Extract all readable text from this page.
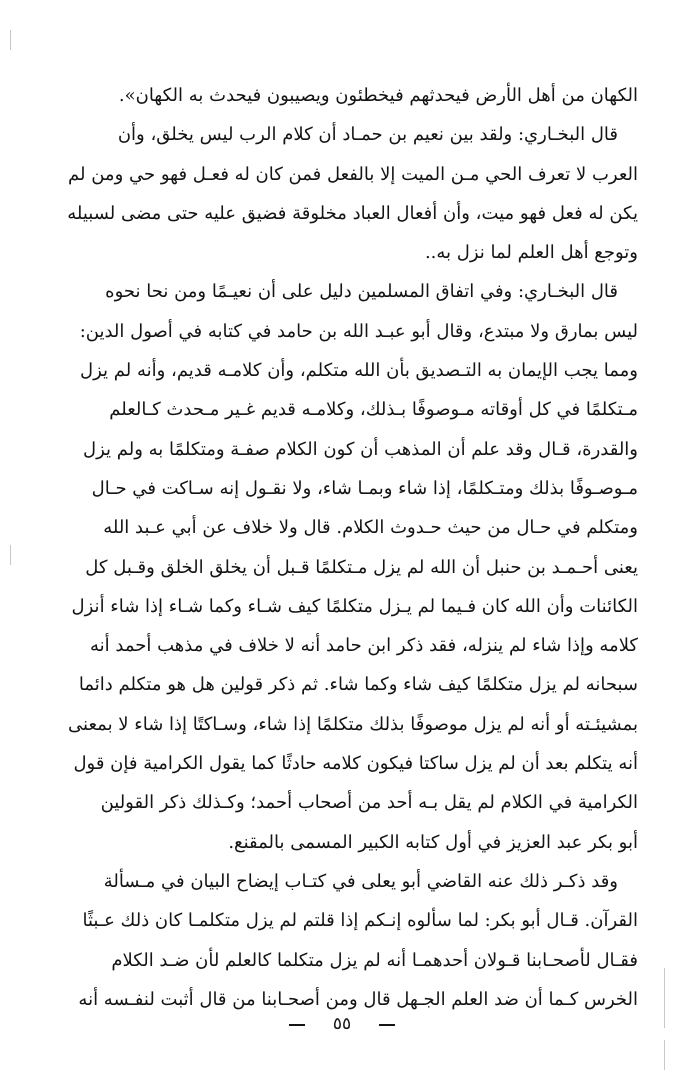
الكهان من أهل الأرض فيحدثهم فيخطئون ويصيبون فيحدث به الكهان».
قال البخـاري: ولقد بين نعيم بن حمـاد أن كلام الرب ليس يخلق، وأن
العرب لا تعرف الحي مـن الميت إلا بالفعل فمن كان له فعـل فهو حي ومن لم
يكن له فعل فهو ميت، وأن أفعال العباد مخلوقة فضيق عليه حتى مضى لسبيله
وتوجع أهل العلم لما نزل به..
قال البخـاري: وفي اتفاق المسلمين دليل على أن نعيـمًا ومن نحا نحوه
ليس بمارق ولا مبتدع، وقال أبو عبـد الله بن حامد في كتابه في أصول الدين:
ومما يجب الإيمان به التـصديق بأن الله متكلم، وأن كلامـه قديم، وأنه لم يزل
مـتكلمًا في كل أوقاته مـوصوفًا بـذلك، وكلامـه قديم غـير مـحدث كـالعلم
والقدرة، قـال وقد علم أن المذهب أن كون الكلام صفـة ومتكلمًا به ولم يزل
مـوصـوفًا بذلك ومتـكلمًا، إذا شاء وبمـا شاء، ولا نقـول إنه سـاكت في حـال
ومتكلم في حـال من حيث حـدوث الكلام. قال ولا خلاف عن أبي عـبد الله
يعنى أحـمـد بن حنبل أن الله لم يزل مـتكلمًا قـبل أن يخلق الخلق وقـبل كل
الكائنات وأن الله كان فـيما لم يـزل متكلمًا كيف شـاء وكما شـاء إذا شاء أنزل
كلامه وإذا شاء لم ينزله، فقد ذكر ابن حامد أنه لا خلاف في مذهب أحمد أنه
سبحانه لم يزل متكلمًا كيف شاء وكما شاء. ثم ذكر قولين هل هو متكلم دائما
بمشيئـته أو أنه لم يزل موصوفًا بذلك متكلمًا إذا شاء، وسـاكتًا إذا شاء لا بمعنى
أنه يتكلم بعد أن لم يزل ساكتا فيكون كلامه حادثًا كما يقول الكرامية فإن قول
الكرامية في الكلام لم يقل بـه أحد من أصحاب أحمد؛ وكـذلك ذكر القولين
أبو بكر عبد العزيز في أول كتابه الكبير المسمى بالمقنع.
وقد ذكـر ذلك عنه القاضي أبو يعلى في كتـاب إيضاح البيان في مـسألة
القرآن. قـال أبو بكر: لما سألوه إنـكم إذا قلتم لم يزل متكلمـا كان ذلك عـبثًا
فقـال لأصحـابنا قـولان أحدهمـا أنه لم يزل متكلما كالعلم لأن ضـد الكلام
الخرس كـما أن ضد العلم الجـهل قال ومن أصحـابنا من قال أثبت لنفـسه أنه
٥٥
